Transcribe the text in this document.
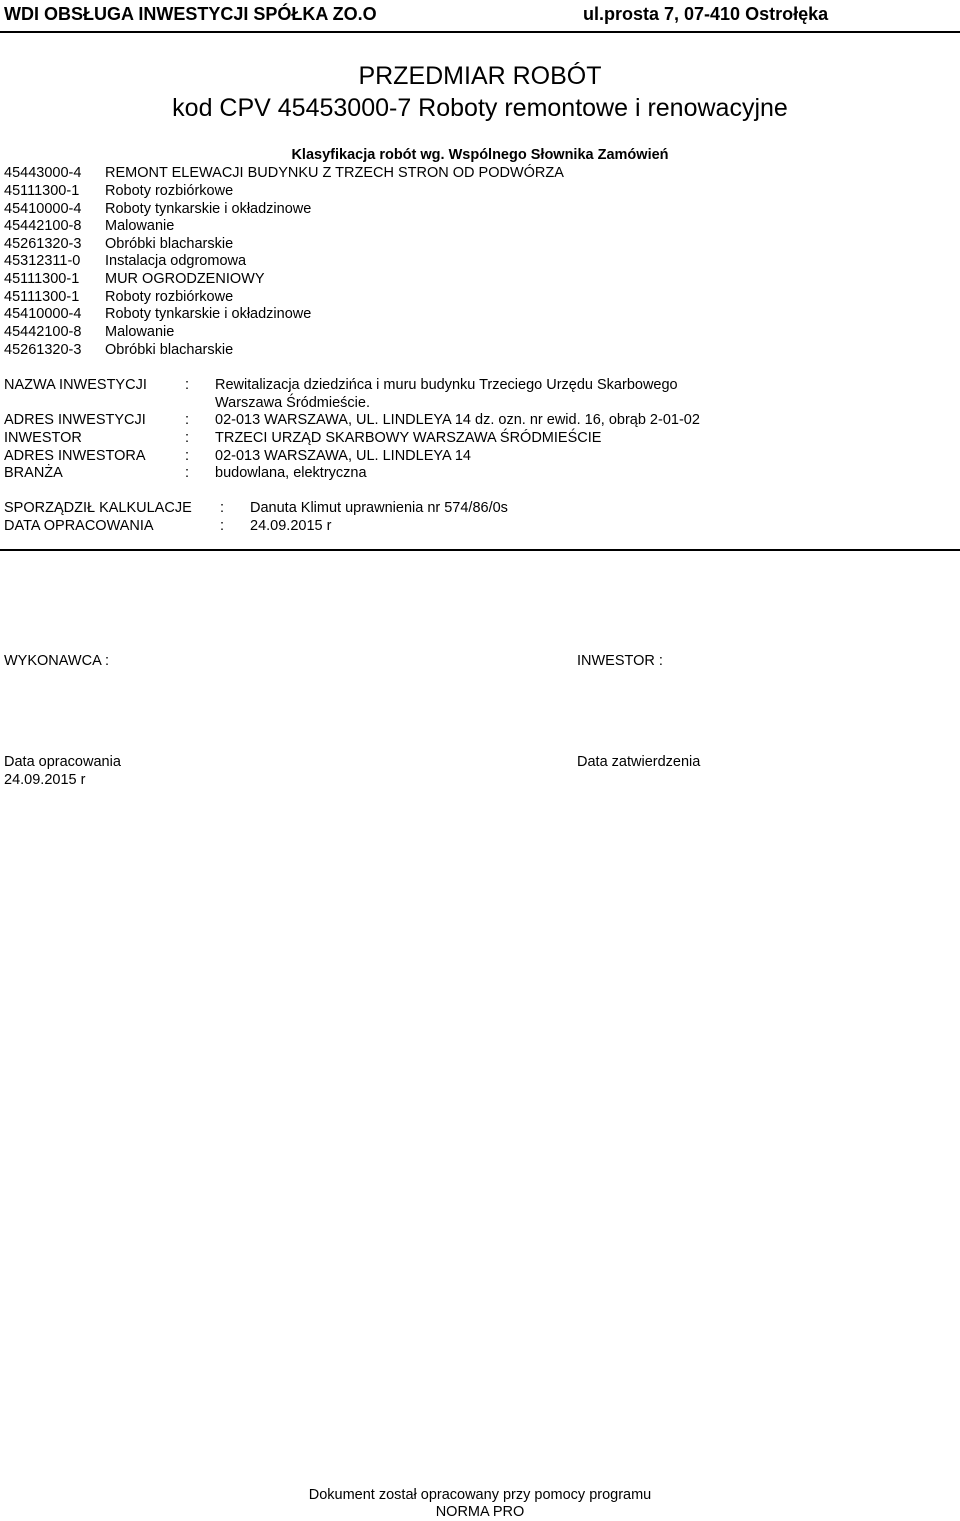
WDI OBSŁUGA INWESTYCJI SPÓŁKA ZO.O	ul.prosta 7, 07-410 Ostrołęka
PRZEDMIAR ROBÓT
kod CPV 45453000-7 Roboty remontowe i renowacyjne
Klasyfikacja robót wg. Wspólnego Słownika Zamówień
45443000-4 REMONT ELEWACJI BUDYNKU Z TRZECH STRON OD PODWÓRZA
45111300-1 Roboty rozbiórkowe
45410000-4 Roboty tynkarskie i okładzinowe
45442100-8 Malowanie
45261320-3 Obróbki blacharskie
45312311-0 Instalacja odgromowa
45111300-1 MUR OGRODZENIOWY
45111300-1 Roboty rozbiórkowe
45410000-4 Roboty tynkarskie i okładzinowe
45442100-8 Malowanie
45261320-3 Obróbki blacharskie
NAZWA INWESTYCJI	: Rewitalizacja dziedzińca i muru budynku Trzeciego Urzędu Skarbowego
Warszawa Śródmieście.
ADRES INWESTYCJI	: 02-013 WARSZAWA, UL. LINDLEYA 14 dz. ozn. nr ewid. 16, obrąb 2-01-02
INWESTOR	: TRZECI URZĄD SKARBOWY WARSZAWA ŚRÓDMIEŚCIE
ADRES INWESTORA	: 02-013 WARSZAWA, UL. LINDLEYA 14
BRANŻA	: budowlana, elektryczna
SPORZĄDZIŁ KALKULACJE : Danuta Klimut uprawnienia nr 574/86/0s
DATA OPRACOWANIA	: 24.09.2015 r
WYKONAWCA :	INWESTOR :
Data opracowania
24.09.2015 r
Data zatwierdzenia
Dokument został opracowany przy pomocy programu
NORMA PRO
